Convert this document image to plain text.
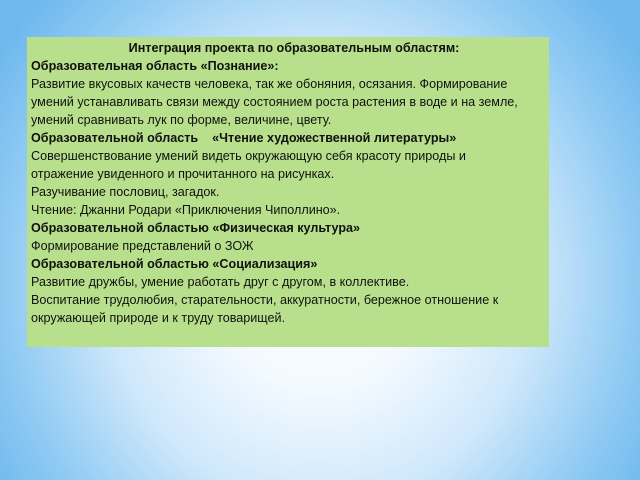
Интеграция проекта по образовательным областям:
Образовательная область «Познание»:
Развитие вкусовых качеств человека, так же обоняния, осязания. Формирование
умений устанавливать связи между состоянием роста растения в воде и на земле,
умений сравнивать лук по форме, величине, цвету.
Образовательной область    «Чтение художественной литературы»
Совершенствование умений видеть окружающую себя красоту природы и
отражение увиденного и прочитанного на рисунках.
Разучивание пословиц, загадок.
Чтение: Джанни Родари «Приключения Чиполлино».
Образовательной областью «Физическая культура»
Формирование представлений о ЗОЖ
Образовательной областью «Социализация»
Развитие дружбы, умение работать друг с другом, в коллективе.
Воспитание трудолюбия, старательности, аккуратности, бережное отношение к
окружающей природе и к труду товарищей.
